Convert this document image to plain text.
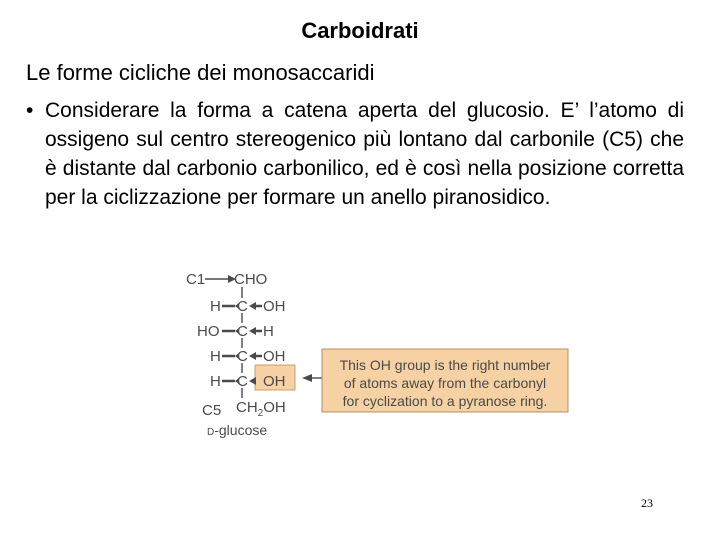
Carboidrati
Le forme cicliche dei monosaccaridi
• Considerare la forma a catena aperta del glucosio. E’ l’atomo di ossigeno sul centro stereogenico più lontano dal carbonile (C5) che è distante dal carbonio carbonilico, ed è così nella posizione corretta per la ciclizzazione per formare un anello piranosidico.
C1 CHO
H C OH
HO C H
H C OH
H C OH
C5 $CH_2OH$
D-glucose
This OH group is the right number
of atoms away from the carbonyl
for cyclization to a pyranose ring.
23
